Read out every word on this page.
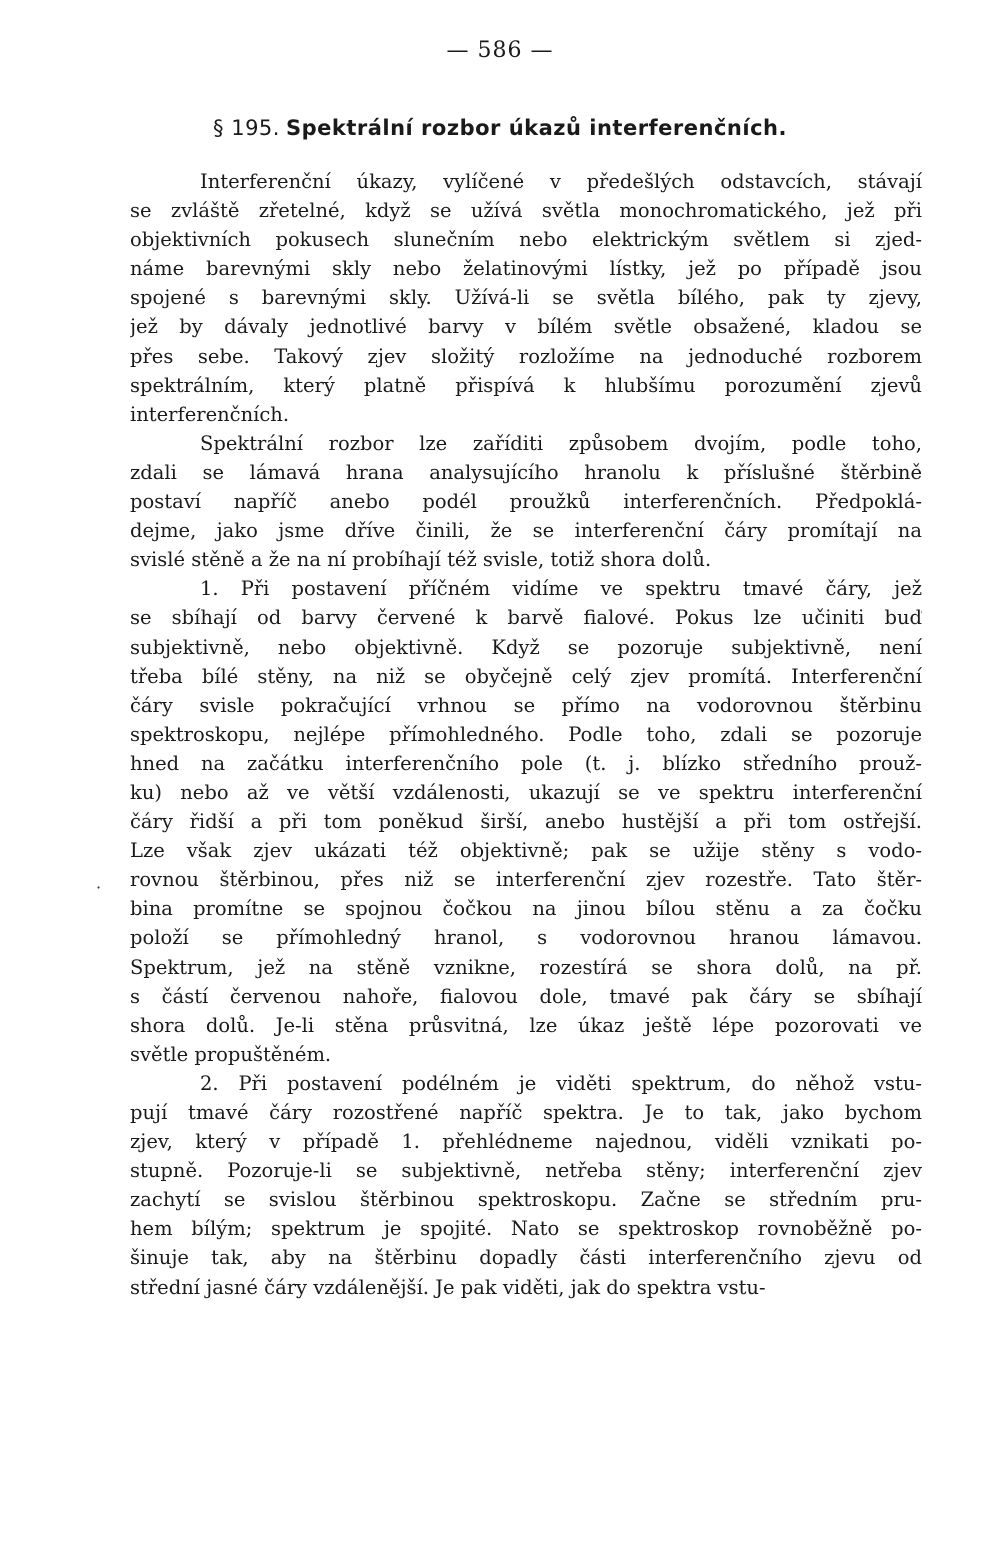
— 586 —
§ 195. Spektrální rozbor úkazů interferenčních.
·
Interferenční úkazy, vylíčené v předešlých odstavcích, stávají
se zvláště zřetelné, když se užívá světla monochromatického, jež při
objektivních pokusech slunečním nebo elektrickým světlem si zjed-
náme barevnými skly nebo želatinovými lístky, jež po případě jsou
spojené s barevnými skly. Užívá-li se světla bílého, pak ty zjevy,
jež by dávaly jednotlivé barvy v bílém světle obsažené, kladou se
přes sebe. Takový zjev složitý rozložíme na jednoduché rozborem
spektrálním, který platně přispívá k hlubšímu porozumění zjevů
interferenčních.
Spektrální rozbor lze zaříditi způsobem dvojím, podle toho,
zdali se lámavá hrana analysujícího hranolu k příslušné štěrbině
postaví napříč anebo podél proužků interferenčních. Předpoklá-
dejme, jako jsme dříve činili, že se interferenční čáry promítají na
svislé stěně a že na ní probíhají též svisle, totiž shora dolů.
1. Při postavení příčném vidíme ve spektru tmavé čáry, jež
se sbíhají od barvy červené k barvě fialové. Pokus lze učiniti buď
subjektivně, nebo objektivně. Když se pozoruje subjektivně, není
třeba bílé stěny, na niž se obyčejně celý zjev promítá. Interferenční
čáry svisle pokračující vrhnou se přímo na vodorovnou štěrbinu
spektroskopu, nejlépe přímohledného. Podle toho, zdali se pozoruje
hned na začátku interferenčního pole (t. j. blízko středního prouž-
ku) nebo až ve větší vzdálenosti, ukazují se ve spektru interferenční
čáry řidší a při tom poněkud širší, anebo hustější a při tom ostřejší.
Lze však zjev ukázati též objektivně; pak se užije stěny s vodo-
rovnou štěrbinou, přes niž se interferenční zjev rozestře. Tato štěr-
bina promítne se spojnou čočkou na jinou bílou stěnu a za čočku
položí se přímohledný hranol, s vodorovnou hranou lámavou.
Spektrum, jež na stěně vznikne, rozestírá se shora dolů, na př.
s částí červenou nahoře, fialovou dole, tmavé pak čáry se sbíhají
shora dolů. Je-li stěna průsvitná, lze úkaz ještě lépe pozorovati ve
světle propuštěném.
2. Při postavení podélném je viděti spektrum, do něhož vstu-
pují tmavé čáry rozostřené napříč spektra. Je to tak, jako bychom
zjev, který v případě 1. přehlédneme najednou, viděli vznikati po-
stupně. Pozoruje-li se subjektivně, netřeba stěny; interferenční zjev
zachytí se svislou štěrbinou spektroskopu. Začne se středním pru-
hem bílým; spektrum je spojité. Nato se spektroskop rovnoběžně po-
šinuje tak, aby na štěrbinu dopadly části interferenčního zjevu od
střední jasné čáry vzdálenější. Je pak viděti, jak do spektra vstu-
